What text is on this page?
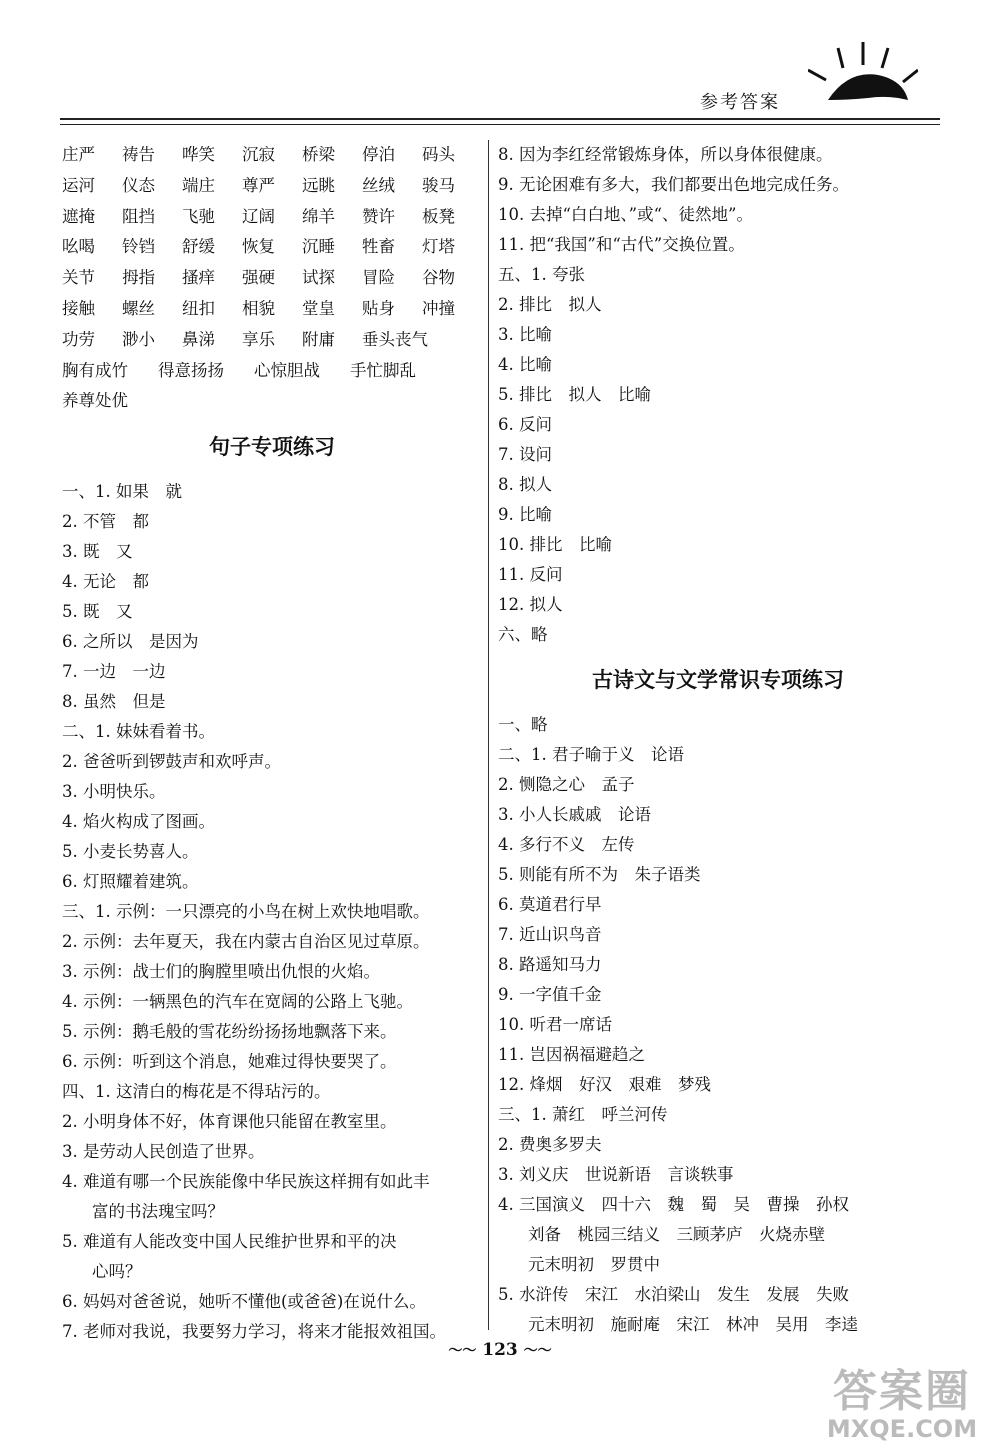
参考答案
庄严	祷告	哗笑	沉寂	桥梁	停泊	码头
运河	仪态	端庄	尊严	远眺	丝绒	骏马
遮掩	阻挡	飞驰	辽阔	绵羊	赞许	板凳
吆喝	铃铛	舒缓	恢复	沉睡	牲畜	灯塔
关节	拇指	搔痒	强硬	试探	冒险	谷物
接触	螺丝	纽扣	相貌	堂皇	贴身	冲撞
功劳	渺小	鼻涕	享乐	附庸	垂头丧气
胸有成竹	得意扬扬	心惊胆战	手忙脚乱
养尊处优
句子专项练习
一、1. 如果　就
2. 不管　都
3. 既　又
4. 无论　都
5. 既　又
6. 之所以　是因为
7. 一边　一边
8. 虽然　但是
二、1. 妹妹看着书。
2. 爸爸听到锣鼓声和欢呼声。
3. 小明快乐。
4. 焰火构成了图画。
5. 小麦长势喜人。
6. 灯照耀着建筑。
三、1. 示例：一只漂亮的小鸟在树上欢快地唱歌。
2. 示例：去年夏天，我在内蒙古自治区见过草原。
3. 示例：战士们的胸膛里喷出仇恨的火焰。
4. 示例：一辆黑色的汽车在宽阔的公路上飞驰。
5. 示例：鹅毛般的雪花纷纷扬扬地飘落下来。
6. 示例：听到这个消息，她难过得快要哭了。
四、1. 这清白的梅花是不得玷污的。
2. 小明身体不好，体育课他只能留在教室里。
3. 是劳动人民创造了世界。
4. 难道有哪一个民族能像中华民族这样拥有如此丰
富的书法瑰宝吗？
5. 难道有人能改变中国人民维护世界和平的决
心吗？
6. 妈妈对爸爸说，她听不懂他(或爸爸)在说什么。
7. 老师对我说，我要努力学习，将来才能报效祖国。
8. 因为李红经常锻炼身体，所以身体很健康。
9. 无论困难有多大，我们都要出色地完成任务。
10. 去掉“白白地、”或“、徒然地”。
11. 把“我国”和“古代”交换位置。
五、1. 夸张
2. 排比　拟人
3. 比喻
4. 比喻
5. 排比　拟人　比喻
6. 反问
7. 设问
8. 拟人
9. 比喻
10. 排比　比喻
11. 反问
12. 拟人
六、略
古诗文与文学常识专项练习
一、略
二、1. 君子喻于义　论语
2. 恻隐之心　孟子
3. 小人长戚戚　论语
4. 多行不义　左传
5. 则能有所不为　朱子语类
6. 莫道君行早
7. 近山识鸟音
8. 路遥知马力
9. 一字值千金
10. 听君一席话
11. 岂因祸福避趋之
12. 烽烟　好汉　艰难　梦残
三、1. 萧红　呼兰河传
2. 费奥多罗夫
3. 刘义庆　世说新语　言谈轶事
4. 三国演义　四十六　魏　蜀　吴　曹操　孙权
刘备　桃园三结义　三顾茅庐　火烧赤壁
元末明初　罗贯中
5. 水浒传　宋江　水泊梁山　发生　发展　失败
元末明初　施耐庵　宋江　林冲　吴用　李逵
～～ 123 ～～
答案圈
MXQE.COM
